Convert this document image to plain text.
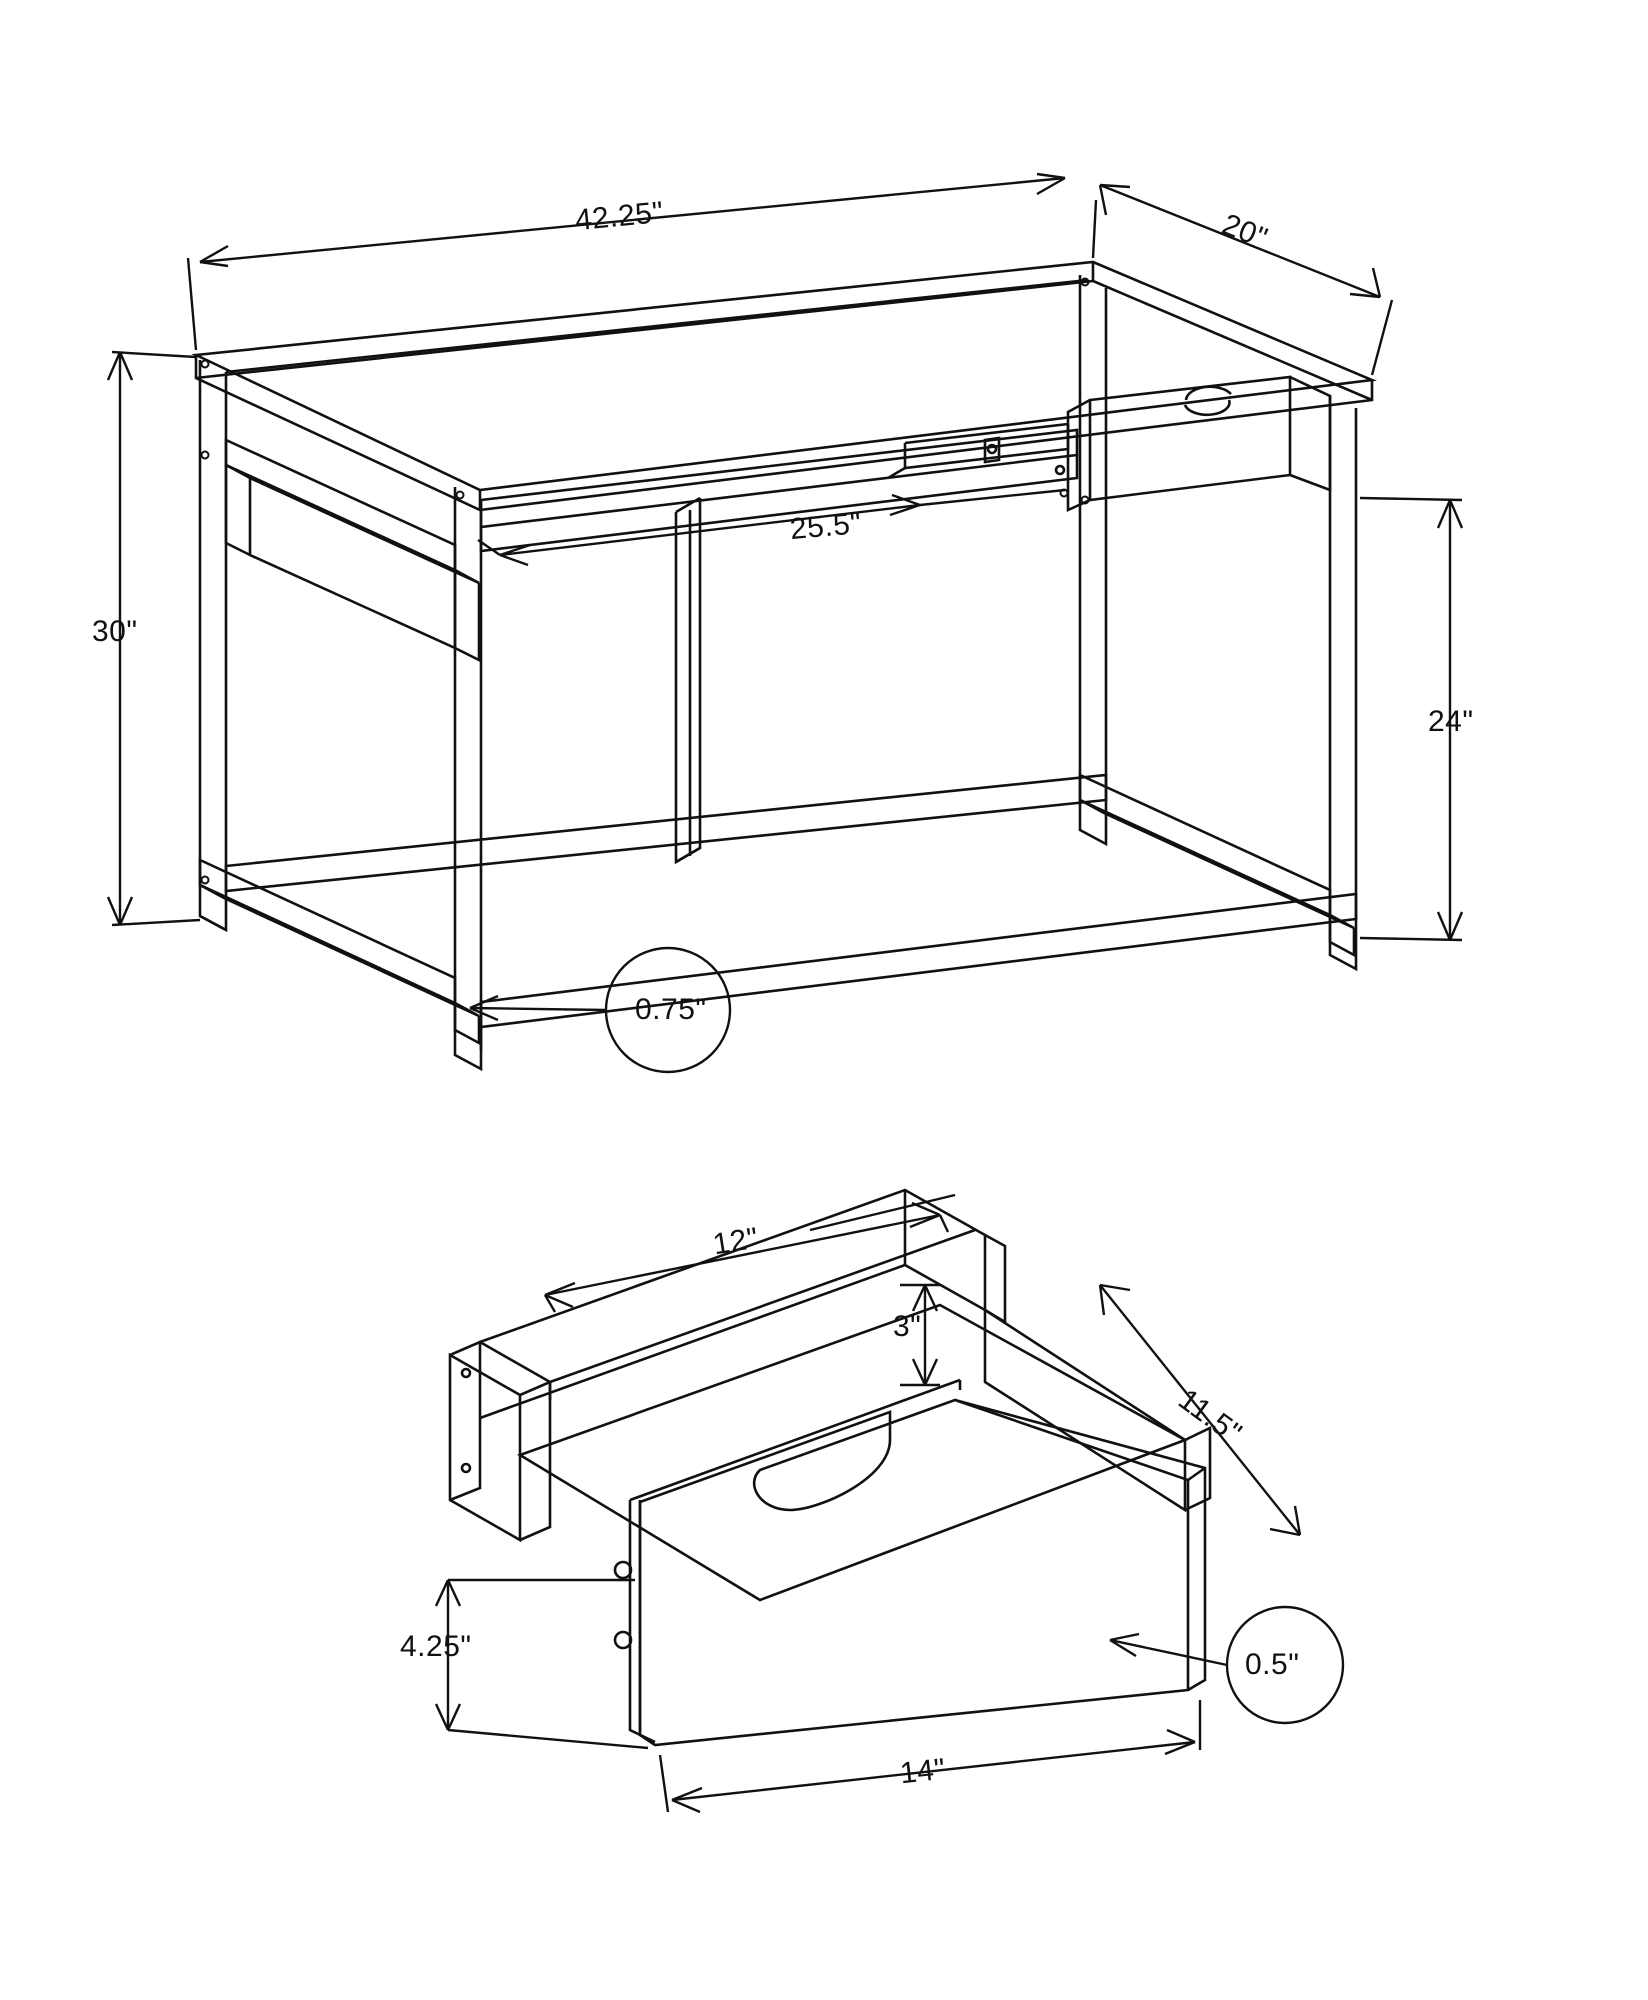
42.25"	20"
30"
25.5"
24"
0.75"
12"
3"
11.5"
4.25"
14"
0.5"
